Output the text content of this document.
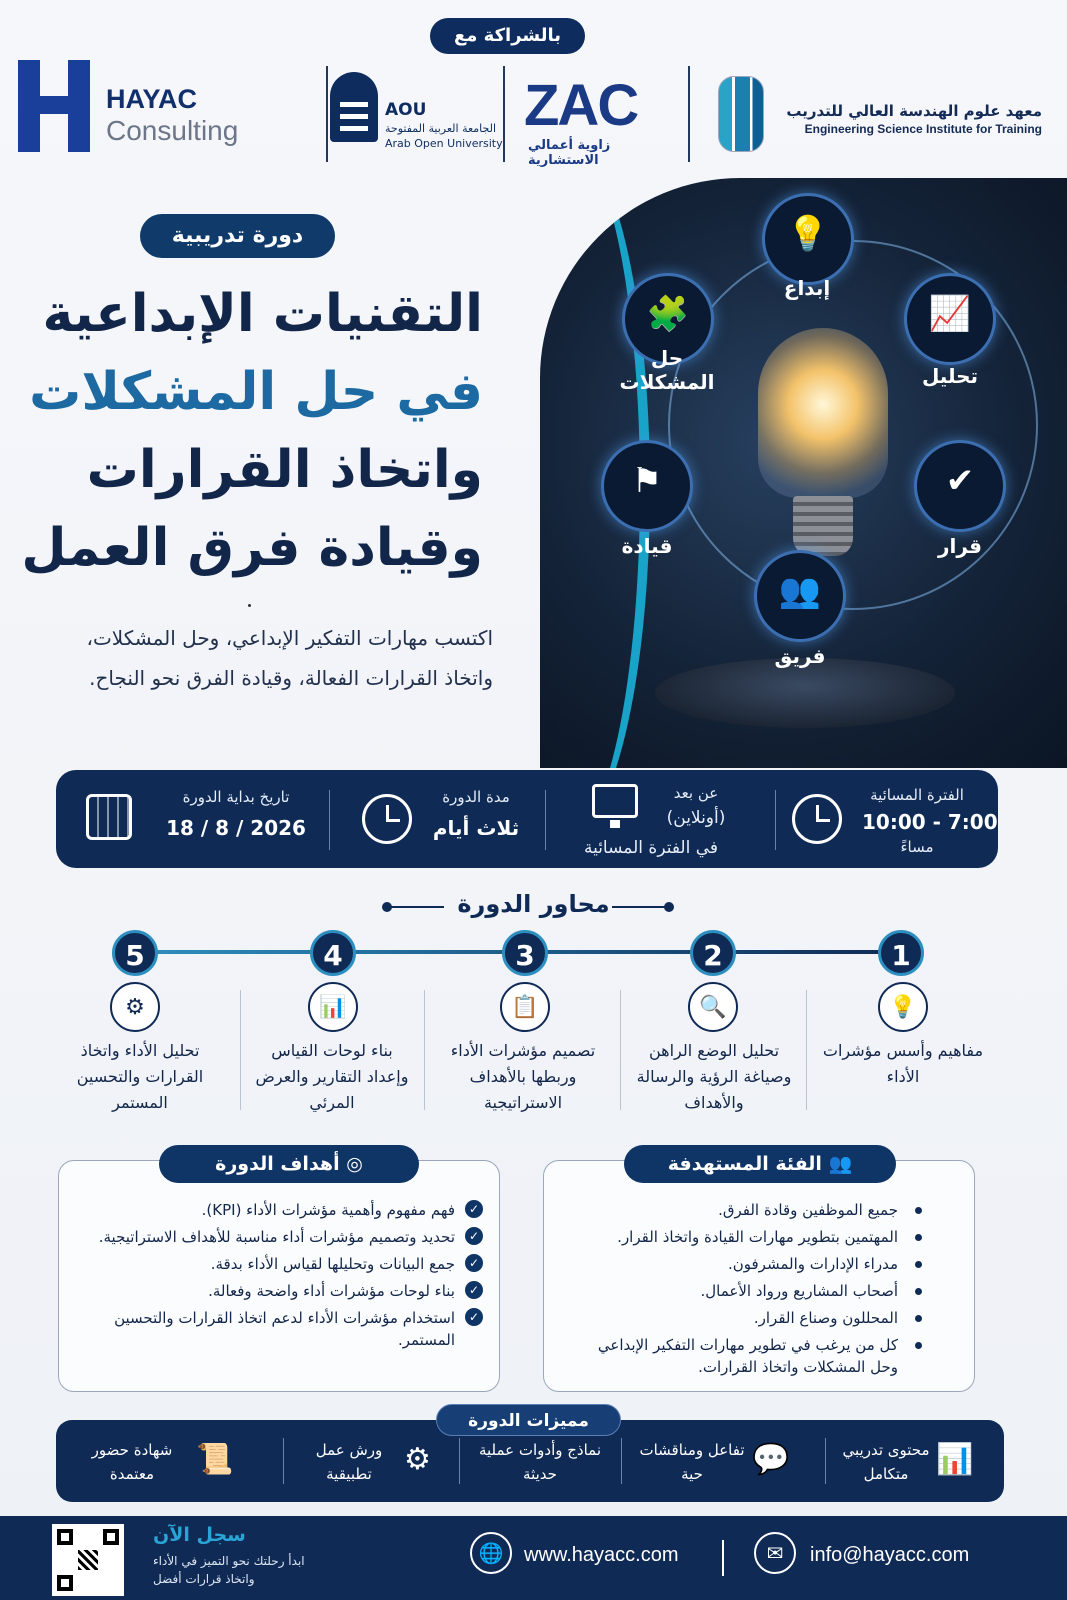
بالشراكة مع
HAYAC
Consulting
AOU
الجامعة العربية المفتوحة
Arab Open University
ZAC
زاوية أعمالي الاستشارية
معهد علوم الهندسة العالي للتدريب
Engineering Science Institute for Training
💡
إبداع
📈
تحليل
✔
قرار
👥
فريق
⚑
قيادة
🧩
حل المشكلات
دورة تدريبية
التقنيات الإبداعية
في حل المشكلات
واتخاذ القرارات
وقيادة فرق العمل
اكتسب مهارات التفكير الإبداعي، وحل المشكلات،
واتخاذ القرارات الفعالة، وقيادة الفرق نحو النجاح.
الفترة المسائية
10:00 - 7:00
مساءً
عن بعد
(أونلاين)
في الفترة المسائية
مدة الدورة
ثلاث أيام
تاريخ بداية الدورة
18 / 8 / 2026
محاور الدورة
1
2
3
4
5
💡
🔍
📋
📊
⚙
مفاهيم وأسس مؤشرات الأداء
تحليل الوضع الراهن وصياغة الرؤية والرسالة والأهداف
تصميم مؤشرات الأداء وربطها بالأهداف الاستراتيجية
بناء لوحات القياس وإعداد التقارير والعرض المرئي
تحليل الأداء واتخاذ القرارات والتحسين المستمر
الفئة المستهدفة 👥
جميع الموظفين وقادة الفرق.
المهتمين بتطوير مهارات القيادة واتخاذ القرار.
مدراء الإدارات والمشرفون.
أصحاب المشاريع ورواد الأعمال.
المحللون وصناع القرار.
كل من يرغب في تطوير مهارات التفكير الإبداعي وحل المشكلات واتخاذ القرارات.
أهداف الدورة ◎
✓ فهم مفهوم وأهمية مؤشرات الأداء (KPI).
✓ تحديد وتصميم مؤشرات أداء مناسبة للأهداف الاستراتيجية.
✓ جمع البيانات وتحليلها لقياس الأداء بدقة.
✓ بناء لوحات مؤشرات أداء واضحة وفعالة.
✓ استخدام مؤشرات الأداء لدعم اتخاذ القرارات والتحسين المستمر.
📊
محتوى تدريبي متكامل
💬
تفاعل ومناقشات حية
نماذج وأدوات عملية حديثة
⚙
ورش عمل تطبيقية
📜
شهادة حضور معتمدة
مميزات الدورة
سجل الآن
ابدأ رحلتك نحو التميز في الأداء
واتخاذ قرارات أفضل
🌐	www.hayacc.com	✉	info@hayacc.com
